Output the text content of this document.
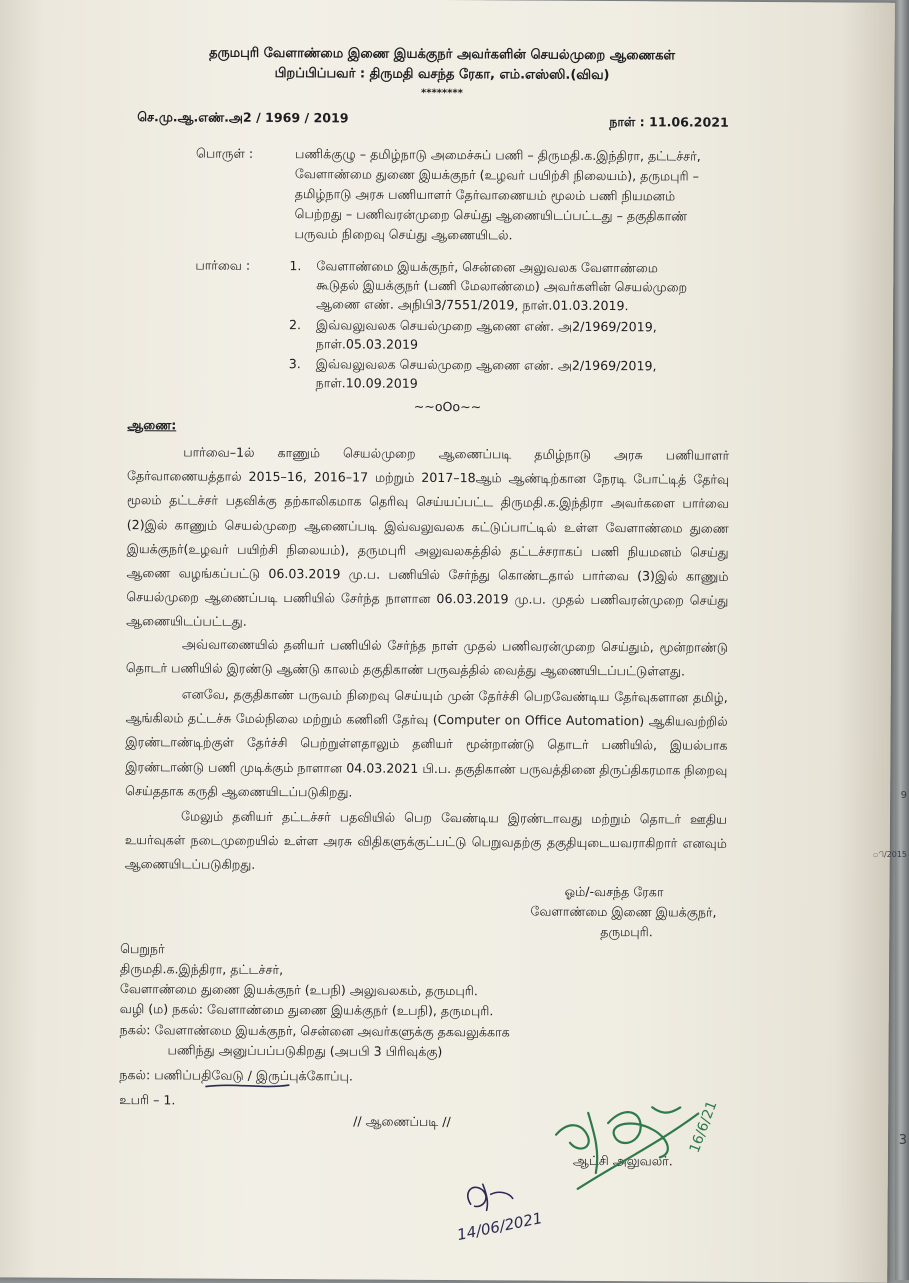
தருமபுரி வேளாண்மை இணை இயக்குநர் அவர்களின் செயல்முறை ஆணைகள்
பிறப்பிப்பவர் : திருமதி வசந்த ரேகா, எம்.எஸ்ஸி.(விவ)
********
செ.மு.ஆ.எண்.அ2 / 1969 / 2019	நாள் : 11.06.2021
பொருள் :	பணிக்குழு – தமிழ்நாடு அமைச்சுப் பணி – திருமதி.க.இந்திரா, தட்டச்சர்,
வேளாண்மை துணை இயக்குநர் (உழவர் பயிற்சி நிலையம்), தருமபுரி –
தமிழ்நாடு அரசு பணியாளர் தேர்வாணையம் மூலம் பணி நியமனம்
பெற்றது – பணிவரன்முறை செய்து ஆணையிடப்பட்டது – தகுதிகாண்
பருவம் நிறைவு செய்து ஆணையிடல்.
பார்வை :	1. வேளாண்மை இயக்குநர், சென்னை அலுவலக வேளாண்மை
கூடுதல் இயக்குநர் (பணி மேலாண்மை) அவர்களின் செயல்முறை
ஆணை எண். அநிபி3/7551/2019, நாள்.01.03.2019.
2. இவ்வலுவலக செயல்முறை ஆணை எண். அ2/1969/2019,
நாள்.05.03.2019
3. இவ்வலுவலக செயல்முறை ஆணை எண். அ2/1969/2019,
நாள்.10.09.2019
~~oOo~~
ஆணை:
பார்வை–1ல் காணும் செயல்முறை ஆணைப்படி தமிழ்நாடு அரசு பணியாளர் தேர்வாணையத்தால் 2015–16, 2016–17 மற்றும் 2017–18ஆம் ஆண்டிற்கான நேரடி போட்டித் தேர்வு மூலம் தட்டச்சர் பதவிக்கு தற்காலிகமாக தெரிவு செய்யப்பட்ட திருமதி.க.இந்திரா அவர்களை பார்வை (2)இல் காணும் செயல்முறை ஆணைப்படி இவ்வலுவலக கட்டுப்பாட்டில் உள்ள வேளாண்மை துணை இயக்குநர்(உழவர் பயிற்சி நிலையம்), தருமபுரி அலுவலகத்தில் தட்டச்சராகப் பணி நியமனம் செய்து ஆணை வழங்கப்பட்டு 06.03.2019 மு.ப. பணியில் சேர்ந்து கொண்டதால் பார்வை (3)இல் காணும் செயல்முறை ஆணைப்படி பணியில் சேர்ந்த நாளான 06.03.2019 மு.ப. முதல் பணிவரன்முறை செய்து ஆணையிடப்பட்டது.
அவ்வாணையில் தனியர் பணியில் சேர்ந்த நாள் முதல் பணிவரன்முறை செய்தும், மூன்றாண்டு தொடர் பணியில் இரண்டு ஆண்டு காலம் தகுதிகாண் பருவத்தில் வைத்து ஆணையிடப்பட்டுள்ளது.
எனவே, தகுதிகாண் பருவம் நிறைவு செய்யும் முன் தேர்ச்சி பெறவேண்டிய தேர்வுகளான தமிழ், ஆங்கிலம் தட்டச்சு மேல்நிலை மற்றும் கணினி தேர்வு (Computer on Office Automation) ஆகியவற்றில் இரண்டாண்டிற்குள் தேர்ச்சி பெற்றுள்ளதாலும் தனியர் மூன்றாண்டு தொடர் பணியில், இயல்பாக இரண்டாண்டு பணி முடிக்கும் நாளான 04.03.2021 பி.ப. தகுதிகாண் பருவத்தினை திருப்திகரமாக நிறைவு செய்ததாக கருதி ஆணையிடப்படுகிறது.
மேலும் தனியர் தட்டச்சர் பதவியில் பெற வேண்டிய இரண்டாவது மற்றும் தொடர் ஊதிய உயர்வுகள் நடைமுறையில் உள்ள அரசு விதிகளுக்குட்பட்டு பெறுவதற்கு தகுதியுடையவராகிறார் எனவும் ஆணையிடப்படுகிறது.
ஓம்/-வசந்த ரேகா
வேளாண்மை இணை இயக்குநர்,
தருமபுரி.
பெறுநர்
திருமதி.க.இந்திரா, தட்டச்சர்,
வேளாண்மை துணை இயக்குநர் (உபநி) அலுவலகம், தருமபுரி.
வழி (ம) நகல்: வேளாண்மை துணை இயக்குநர் (உபநி), தருமபுரி.
நகல்: வேளாண்மை இயக்குநர், சென்னை அவர்களுக்கு தகவலுக்காக
பணிந்து அனுப்பப்படுகிறது (அபபி 3 பிரிவுக்கு)
நகல்: பணிப்பதிவேடு / இருப்புக்கோப்பு.
உபரி – 1.
// ஆணைப்படி //
ஆட்சி அலுவலர்.
16/6/21
14/06/2021
9
ி/2015
3
